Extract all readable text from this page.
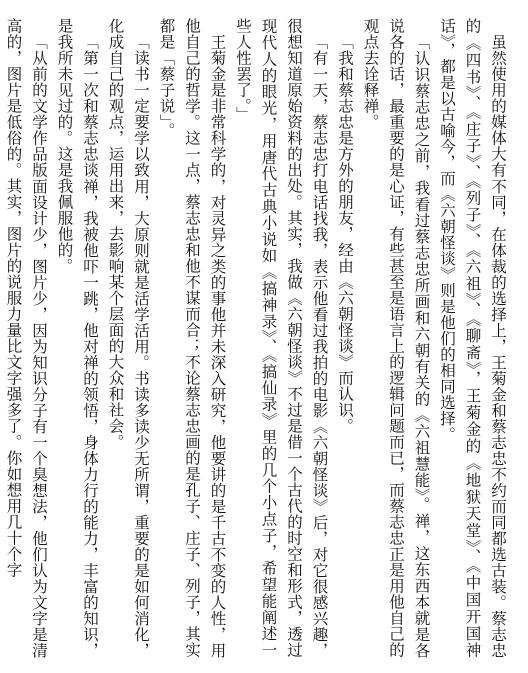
虽然使用的媒体大有不同，在体裁的选择上，王菊金和蔡志忠不约而同都选古装。蔡志忠的《四书》、《庄子》、《列子》、《六祖》、《聊斋》，王菊金的《地狱天堂》、《中国开国神话》，都是以古喻今，而《六朝怪谈》则是他们的相同选择。

「认识蔡志忠之前，我看过蔡志忠所画和六朝有关的《六祖慧能》。禅，这东西本就是各说各的话，最重要的是心证，有些甚至是语言上的逻辑问题而已，而蔡志忠正是用他自己的观点去诠释禅。

「我和蔡志忠是方外的朋友，经由《六朝怪谈》而认识。

「有一天，蔡志忠打电话找我，表示他看过我拍的电影《六朝怪谈》后，对它很感兴趣，很想知道原始资料的出处。其实，我做《六朝怪谈》不过是借一个古代的时空和形式，透过现代人的眼光，用唐代古典小说如《搞神录》、《搞仙录》里的几个小点子，希望能阐述一些人性罢了。」

王菊金是非常科学的，对灵异之类的事他并未深入研究，他要讲的是千古不变的人性，用他自己的哲学。这一点，蔡志忠和他不谋而合；不论蔡志忠画的是孔子、庄子、列子，其实都是「蔡子说」。

「读书一定要学以致用，大原则就是活学活用。书读多读少无所谓，重要的是如何消化，化成自己的观点，运用出来，去影响某个层面的大众和社会。

「第一次和蔡志忠谈禅，我被他吓一跳，他对禅的领悟，身体力行的能力，丰富的知识，是我所未见过的。这是我佩服他的。

「从前的文学作品版面设计少，图片少，因为知识分子有一个臭想法，他们认为文字是清高的，图片是低俗的。其实，图片的说服力量比文字强多了。你如想用几十个字
